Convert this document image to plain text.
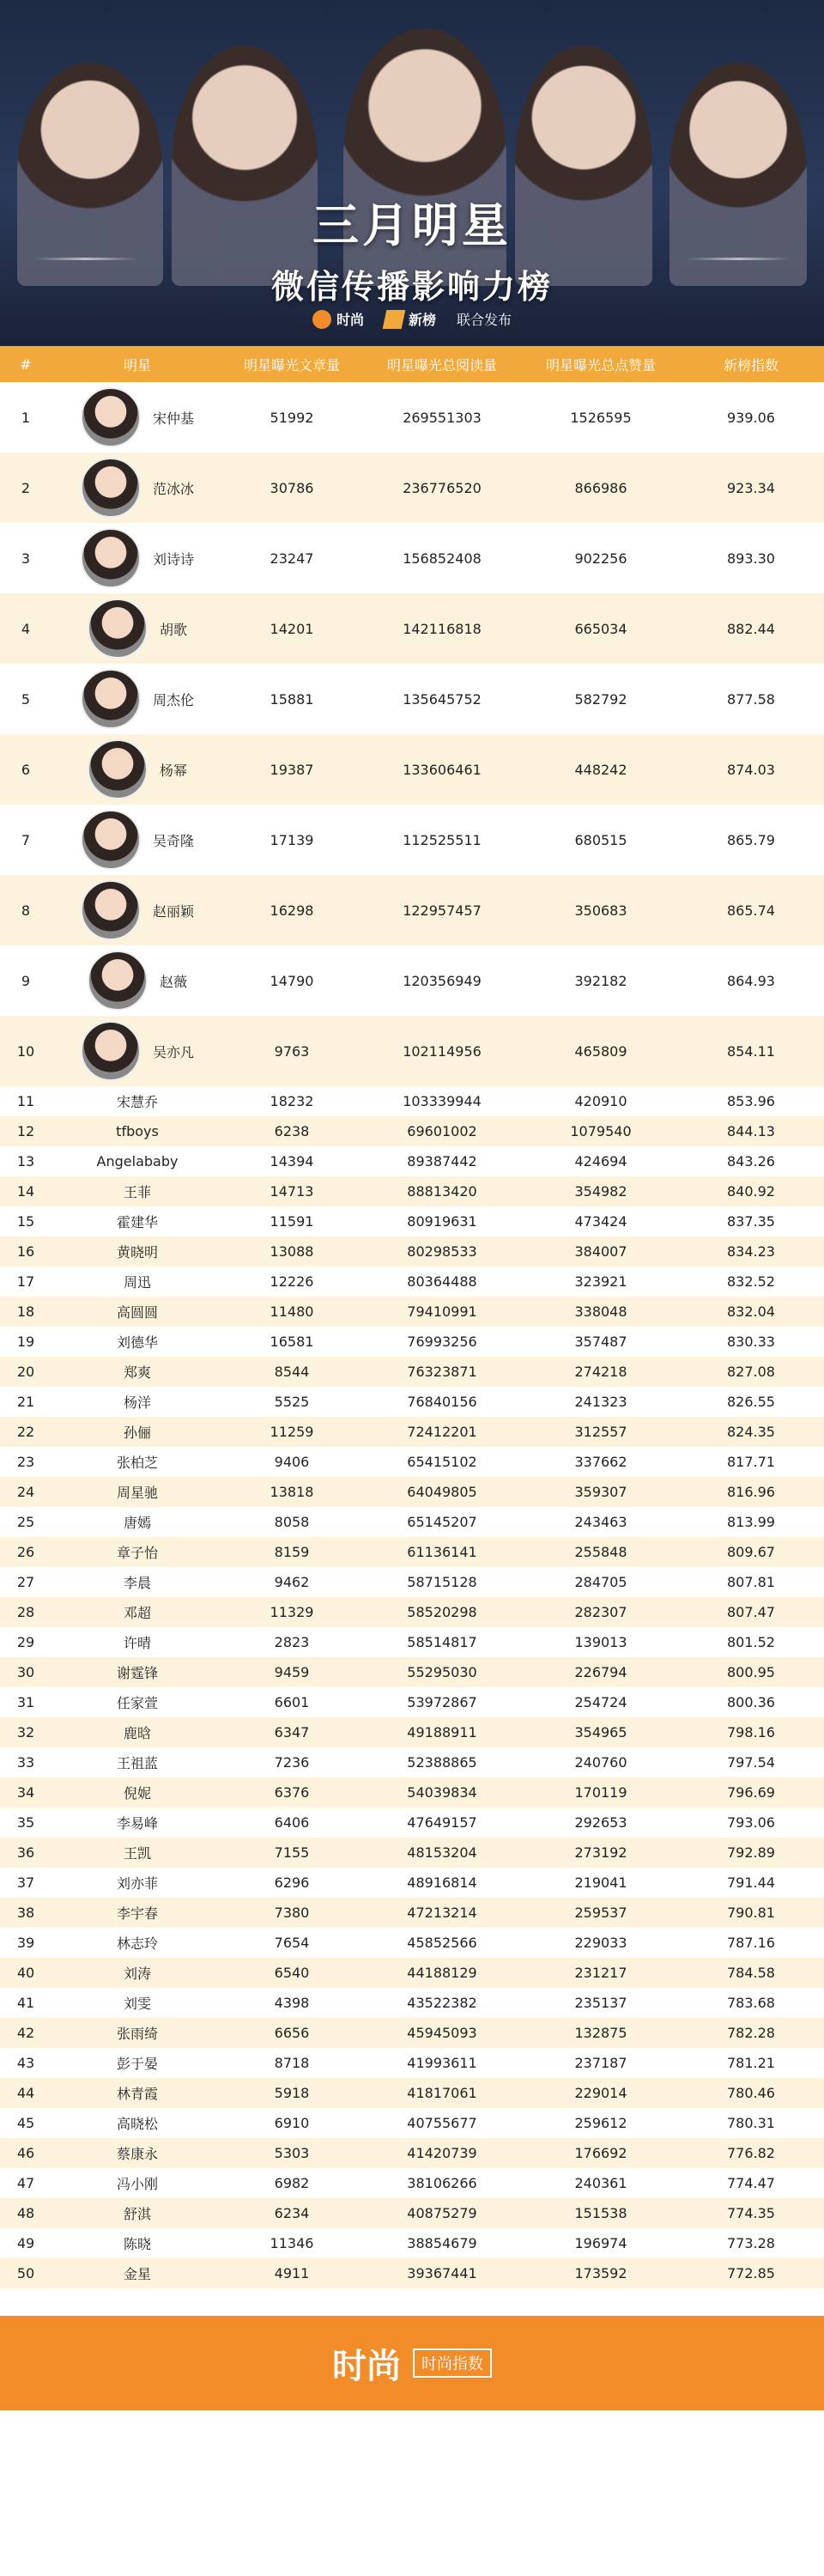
三月明星
微信传播影响力榜
时尚	新榜 联合发布
#	明星	明星曝光文章量	明星曝光总阅读量	明星曝光总点赞量	新榜指数
1	宋仲基	51992	269551303	1526595	939.06
2	范冰冰	30786	236776520	866986	923.34
3	刘诗诗	23247	156852408	902256	893.30
4	胡歌	14201	142116818	665034	882.44
5	周杰伦	15881	135645752	582792	877.58
6	杨幂	19387	133606461	448242	874.03
7	吴奇隆	17139	112525511	680515	865.79
8	赵丽颖	16298	122957457	350683	865.74
9	赵薇	14790	120356949	392182	864.93
10	吴亦凡	9763	102114956	465809	854.11
11	宋慧乔	18232	103339944	420910	853.96
12	tfboys	6238	69601002	1079540	844.13
13	Angelababy	14394	89387442	424694	843.26
14	王菲	14713	88813420	354982	840.92
15	霍建华	11591	80919631	473424	837.35
16	黄晓明	13088	80298533	384007	834.23
17	周迅	12226	80364488	323921	832.52
18	高圆圆	11480	79410991	338048	832.04
19	刘德华	16581	76993256	357487	830.33
20	郑爽	8544	76323871	274218	827.08
21	杨洋	5525	76840156	241323	826.55
22	孙俪	11259	72412201	312557	824.35
23	张柏芝	9406	65415102	337662	817.71
24	周星驰	13818	64049805	359307	816.96
25	唐嫣	8058	65145207	243463	813.99
26	章子怡	8159	61136141	255848	809.67
27	李晨	9462	58715128	284705	807.81
28	邓超	11329	58520298	282307	807.47
29	许晴	2823	58514817	139013	801.52
30	谢霆锋	9459	55295030	226794	800.95
31	任家萱	6601	53972867	254724	800.36
32	鹿晗	6347	49188911	354965	798.16
33	王祖蓝	7236	52388865	240760	797.54
34	倪妮	6376	54039834	170119	796.69
35	李易峰	6406	47649157	292653	793.06
36	王凯	7155	48153204	273192	792.89
37	刘亦菲	6296	48916814	219041	791.44
38	李宇春	7380	47213214	259537	790.81
39	林志玲	7654	45852566	229033	787.16
40	刘涛	6540	44188129	231217	784.58
41	刘雯	4398	43522382	235137	783.68
42	张雨绮	6656	45945093	132875	782.28
43	彭于晏	8718	41993611	237187	781.21
44	林青霞	5918	41817061	229014	780.46
45	高晓松	6910	40755677	259612	780.31
46	蔡康永	5303	41420739	176692	776.82
47	冯小刚	6982	38106266	240361	774.47
48	舒淇	6234	40875279	151538	774.35
49	陈晓	11346	38854679	196974	773.28
50	金星	4911	39367441	173592	772.85
时尚	时尚指数
